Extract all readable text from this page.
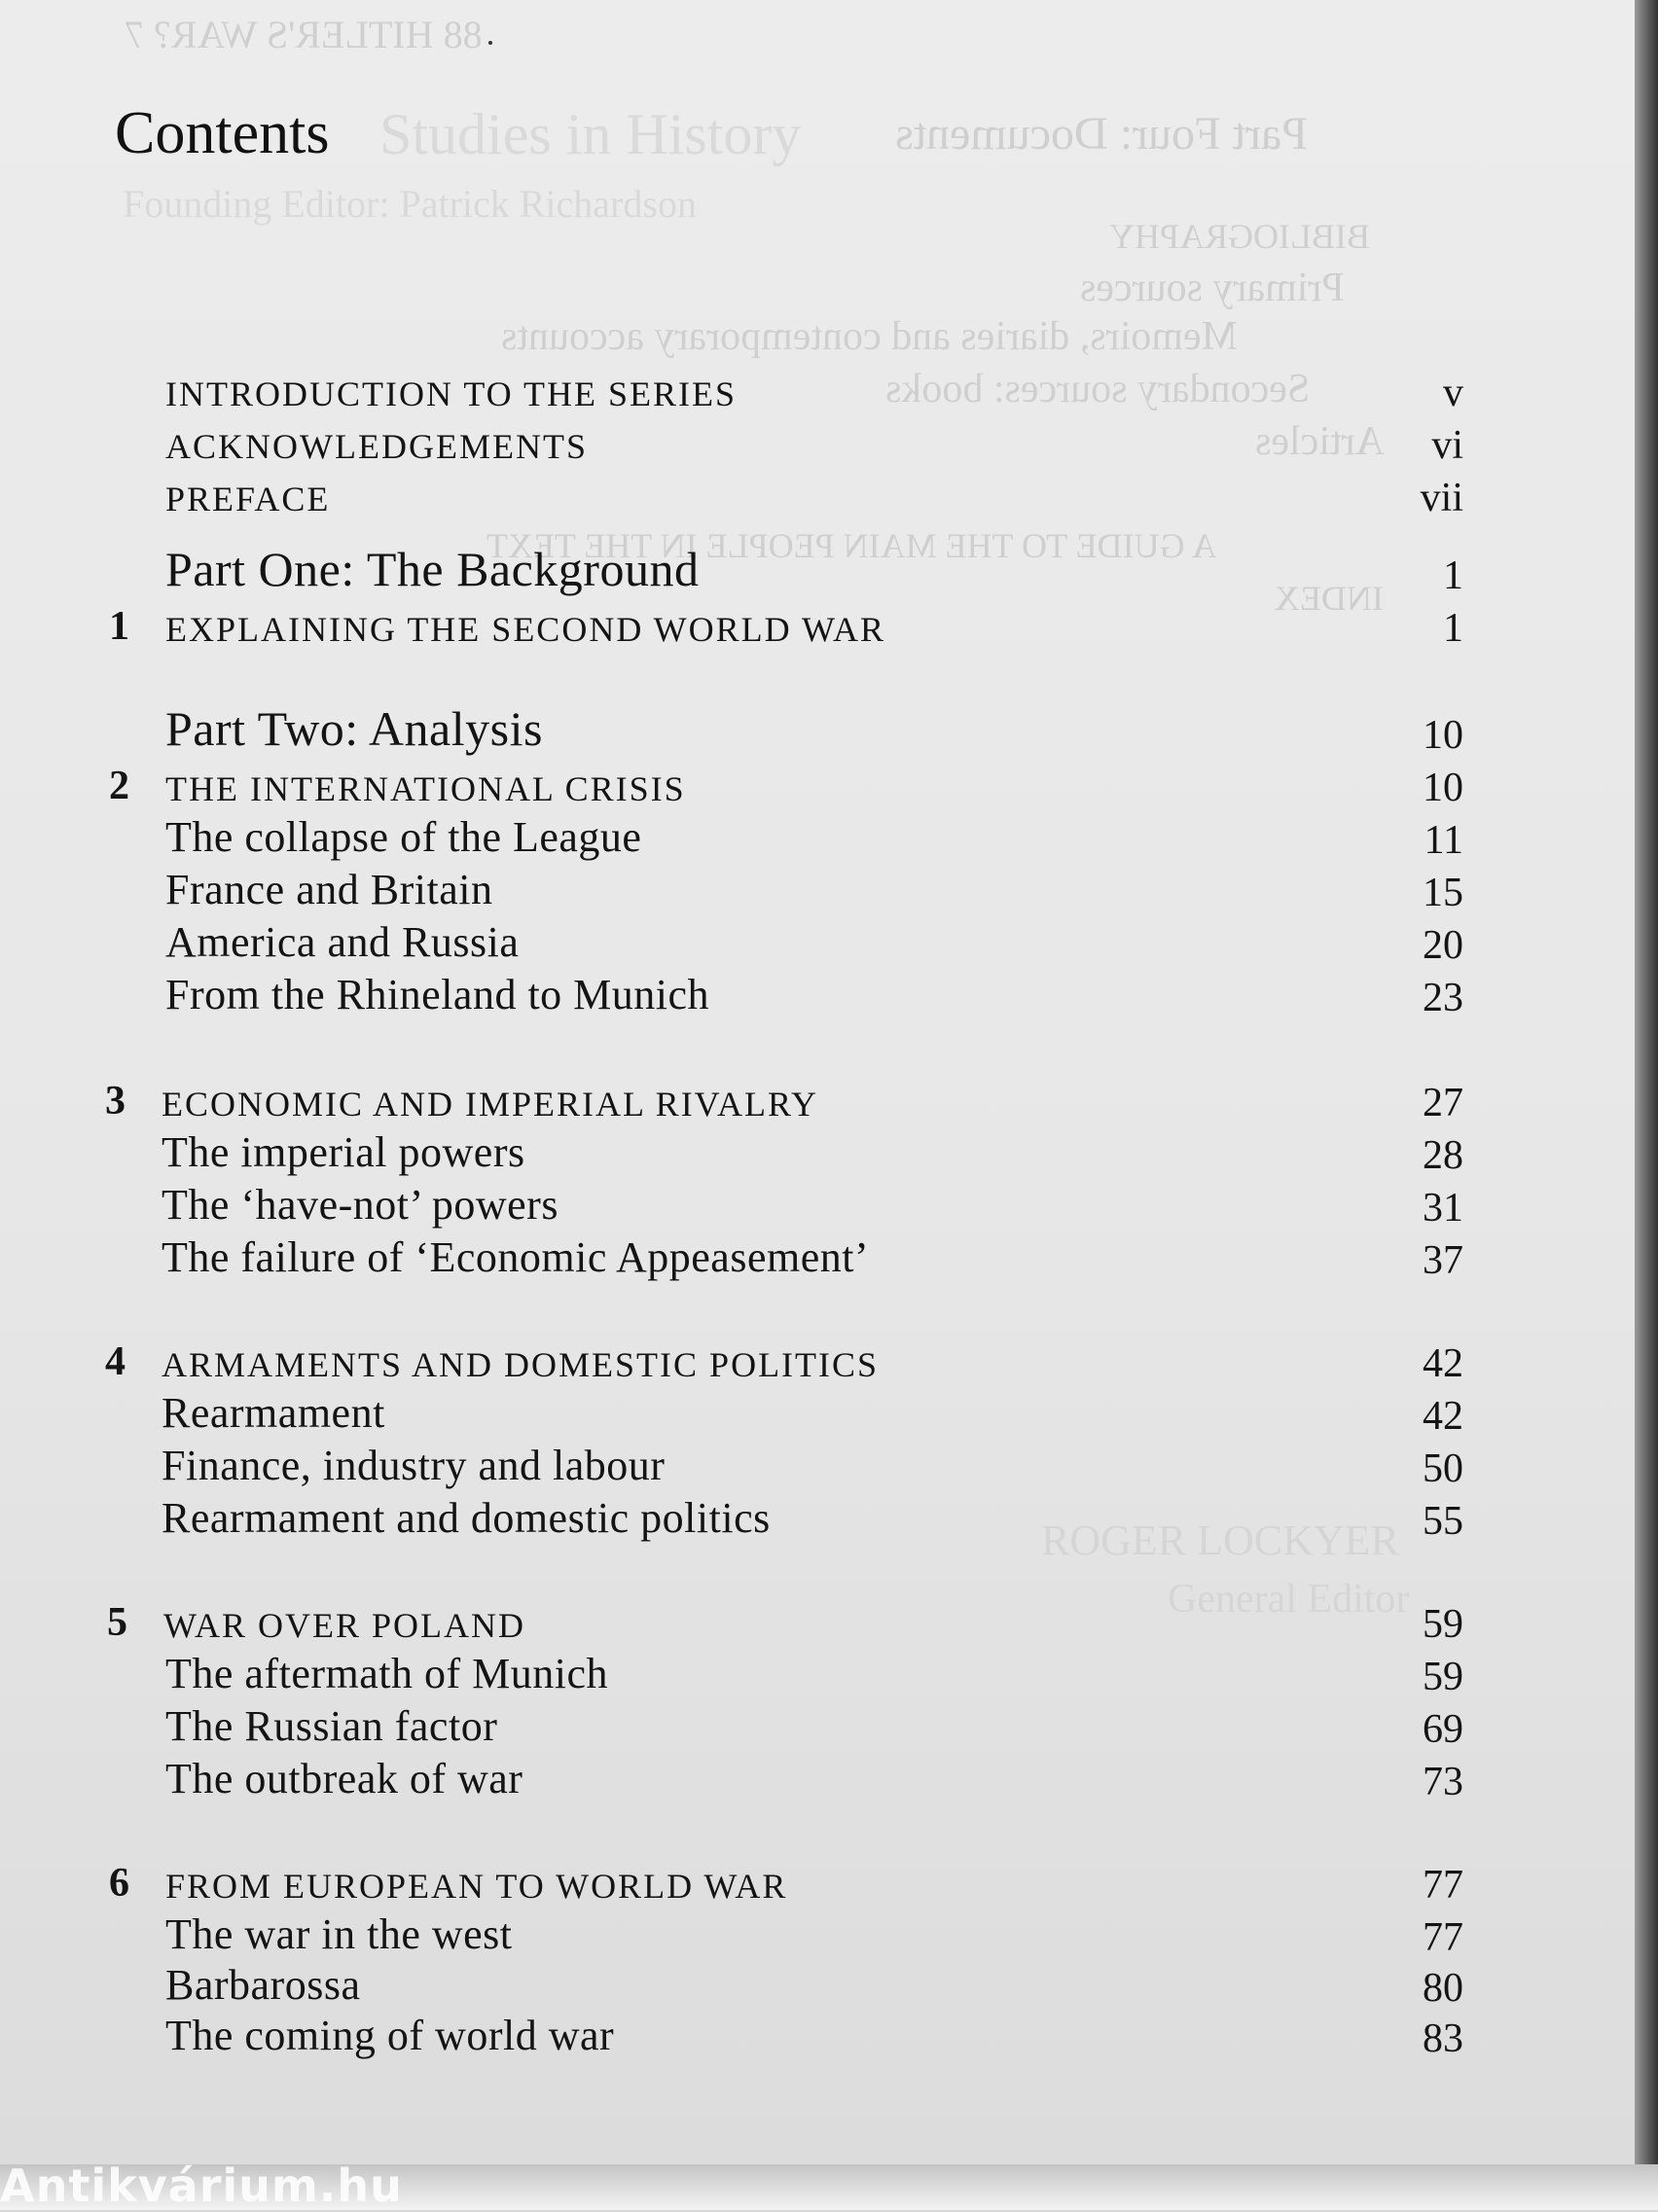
88 HITLER'S WAR? 7
Studies in History
Founding Editor: Patrick Richardson
Part Four: Documents
BIBLIOGRAPHY
Primary sources
Memoirs, diaries and contemporary accounts
Secondary sources: books
Articles
A GUIDE TO THE MAIN PEOPLE IN THE TEXT
INDEX
ROGER LOCKYER
General Editor
Contents
INTRODUCTION TO THE SERIES	v
ACKNOWLEDGEMENTS	vi
PREFACE	vii
Part One: The Background	1
1 EXPLAINING THE SECOND WORLD WAR	1
Part Two: Analysis	10
2 THE INTERNATIONAL CRISIS	10
The collapse of the League	11
France and Britain	15
America and Russia	20
From the Rhineland to Munich	23
3 ECONOMIC AND IMPERIAL RIVALRY	27
The imperial powers	28
The ‘have-not’ powers	31
The failure of ‘Economic Appeasement’	37
4 ARMAMENTS AND DOMESTIC POLITICS	42
Rearmament	42
Finance, industry and labour	50
Rearmament and domestic politics	55
5 WAR OVER POLAND	59
The aftermath of Munich	59
The Russian factor	69
The outbreak of war	73
6 FROM EUROPEAN TO WORLD WAR	77
The war in the west	77
Barbarossa	80
The coming of world war	83
Antikvárium.hu
